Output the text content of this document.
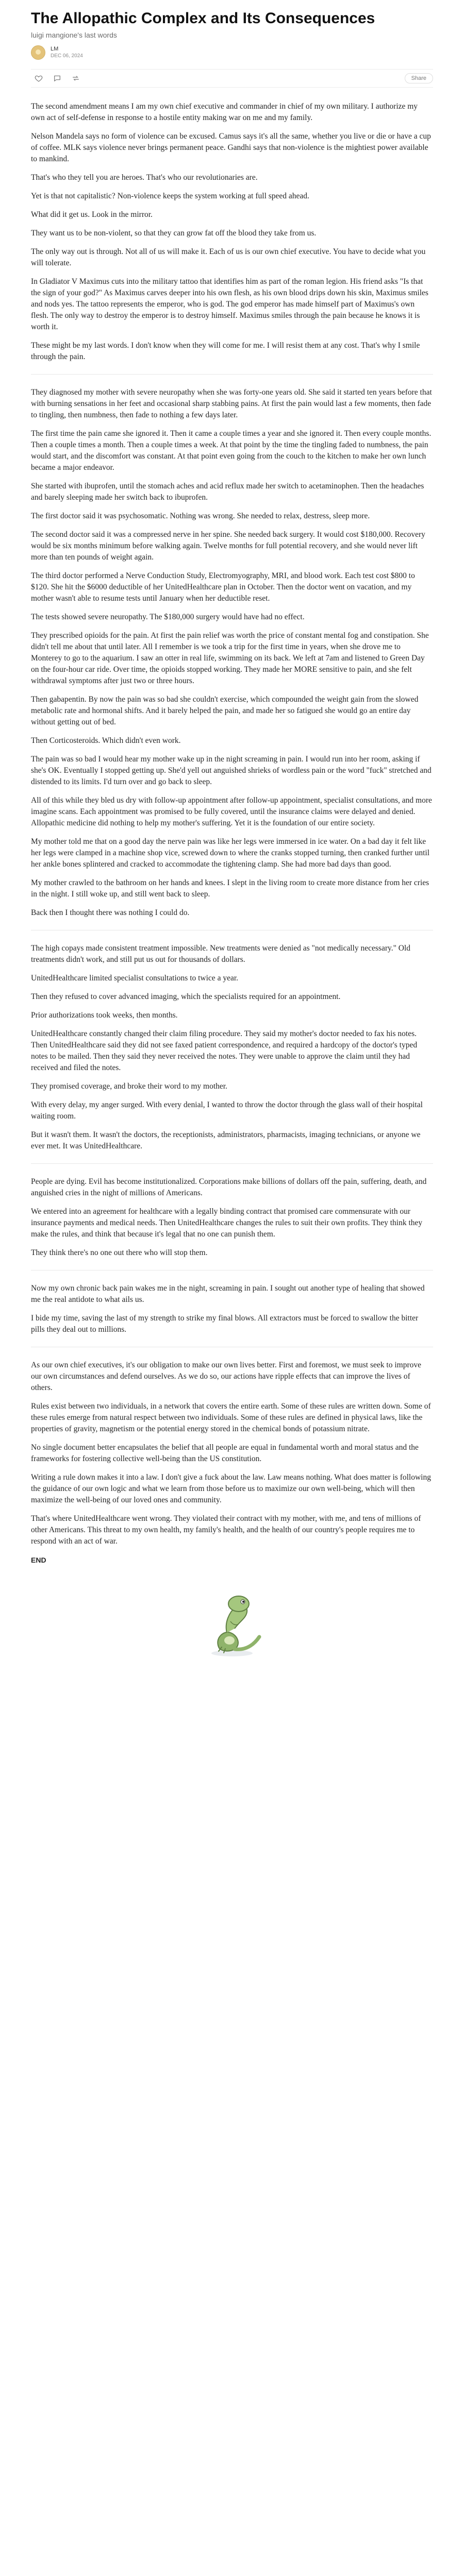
The Allopathic Complex and Its Consequences
luigi mangione's last words
LM
DEC 06, 2024
Share

The second amendment means I am my own chief executive and commander in chief of my own military. I authorize my own act of self-defense in response to a hostile entity making war on me and my family.

Nelson Mandela says no form of violence can be excused. Camus says it's all the same, whether you live or die or have a cup of coffee. MLK says violence never brings permanent peace. Gandhi says that non-violence is the mightiest power available to mankind.

That's who they tell you are heroes. That's who our revolutionaries are.

Yet is that not capitalistic? Non-violence keeps the system working at full speed ahead.

What did it get us. Look in the mirror.

They want us to be non-violent, so that they can grow fat off the blood they take from us.

The only way out is through. Not all of us will make it. Each of us is our own chief executive. You have to decide what you will tolerate.

In Gladiator V Maximus cuts into the military tattoo that identifies him as part of the roman legion. His friend asks "Is that the sign of your god?" As Maximus carves deeper into his own flesh, as his own blood drips down his skin, Maximus smiles and nods yes. The tattoo represents the emperor, who is god. The god emperor has made himself part of Maximus's own flesh. The only way to destroy the emperor is to destroy himself. Maximus smiles through the pain because he knows it is worth it.

These might be my last words. I don't know when they will come for me. I will resist them at any cost. That's why I smile through the pain.

They diagnosed my mother with severe neuropathy when she was forty-one years old. She said it started ten years before that with burning sensations in her feet and occasional sharp stabbing pains. At first the pain would last a few moments, then fade to tingling, then numbness, then fade to nothing a few days later.

The first time the pain came she ignored it. Then it came a couple times a year and she ignored it. Then every couple months. Then a couple times a month. Then a couple times a week. At that point by the time the tingling faded to numbness, the pain would start, and the discomfort was constant. At that point even going from the couch to the kitchen to make her own lunch became a major endeavor.

She started with ibuprofen, until the stomach aches and acid reflux made her switch to acetaminophen. Then the headaches and barely sleeping made her switch back to ibuprofen.

The first doctor said it was psychosomatic. Nothing was wrong. She needed to relax, destress, sleep more.

The second doctor said it was a compressed nerve in her spine. She needed back surgery. It would cost $180,000. Recovery would be six months minimum before walking again. Twelve months for full potential recovery, and she would never lift more than ten pounds of weight again.

The third doctor performed a Nerve Conduction Study, Electromyography, MRI, and blood work. Each test cost $800 to $120. She hit the $6000 deductible of her UnitedHealthcare plan in October. Then the doctor went on vacation, and my mother wasn't able to resume tests until January when her deductible reset.

The tests showed severe neuropathy. The $180,000 surgery would have had no effect.

They prescribed opioids for the pain. At first the pain relief was worth the price of constant mental fog and constipation. She didn't tell me about that until later. All I remember is we took a trip for the first time in years, when she drove me to Monterey to go to the aquarium. I saw an otter in real life, swimming on its back. We left at 7am and listened to Green Day on the four-hour car ride. Over time, the opioids stopped working. They made her MORE sensitive to pain, and she felt withdrawal symptoms after just two or three hours.

Then gabapentin. By now the pain was so bad she couldn't exercise, which compounded the weight gain from the slowed metabolic rate and hormonal shifts. And it barely helped the pain, and made her so fatigued she would go an entire day without getting out of bed.

Then Corticosteroids. Which didn't even work.

The pain was so bad I would hear my mother wake up in the night screaming in pain. I would run into her room, asking if she's OK. Eventually I stopped getting up. She'd yell out anguished shrieks of wordless pain or the word "fuck" stretched and distended to its limits. I'd turn over and go back to sleep.

All of this while they bled us dry with follow-up appointment after follow-up appointment, specialist consultations, and more imagine scans. Each appointment was promised to be fully covered, until the insurance claims were delayed and denied. Allopathic medicine did nothing to help my mother's suffering. Yet it is the foundation of our entire society.

My mother told me that on a good day the nerve pain was like her legs were immersed in ice water. On a bad day it felt like her legs were clamped in a machine shop vice, screwed down to where the cranks stopped turning, then cranked further until her ankle bones splintered and cracked to accommodate the tightening clamp. She had more bad days than good.

My mother crawled to the bathroom on her hands and knees. I slept in the living room to create more distance from her cries in the night. I still woke up, and still went back to sleep.

Back then I thought there was nothing I could do.

The high copays made consistent treatment impossible. New treatments were denied as "not medically necessary." Old treatments didn't work, and still put us out for thousands of dollars.

UnitedHealthcare limited specialist consultations to twice a year.

Then they refused to cover advanced imaging, which the specialists required for an appointment.

Prior authorizations took weeks, then months.

UnitedHealthcare constantly changed their claim filing procedure. They said my mother's doctor needed to fax his notes. Then UnitedHealthcare said they did not see faxed patient correspondence, and required a hardcopy of the doctor's typed notes to be mailed. Then they said they never received the notes. They were unable to approve the claim until they had received and filed the notes.

They promised coverage, and broke their word to my mother.

With every delay, my anger surged. With every denial, I wanted to throw the doctor through the glass wall of their hospital waiting room.

But it wasn't them. It wasn't the doctors, the receptionists, administrators, pharmacists, imaging technicians, or anyone we ever met. It was UnitedHealthcare.

People are dying. Evil has become institutionalized. Corporations make billions of dollars off the pain, suffering, death, and anguished cries in the night of millions of Americans.

We entered into an agreement for healthcare with a legally binding contract that promised care commensurate with our insurance payments and medical needs. Then UnitedHealthcare changes the rules to suit their own profits. They think they make the rules, and think that because it's legal that no one can punish them.

They think there's no one out there who will stop them.

Now my own chronic back pain wakes me in the night, screaming in pain. I sought out another type of healing that showed me the real antidote to what ails us.

I bide my time, saving the last of my strength to strike my final blows. All extractors must be forced to swallow the bitter pills they deal out to millions.

As our own chief executives, it's our obligation to make our own lives better. First and foremost, we must seek to improve our own circumstances and defend ourselves. As we do so, our actions have ripple effects that can improve the lives of others.

Rules exist between two individuals, in a network that covers the entire earth. Some of these rules are written down. Some of these rules emerge from natural respect between two individuals. Some of these rules are defined in physical laws, like the properties of gravity, magnetism or the potential energy stored in the chemical bonds of potassium nitrate.

No single document better encapsulates the belief that all people are equal in fundamental worth and moral status and the frameworks for fostering collective well-being than the US constitution.

Writing a rule down makes it into a law. I don't give a fuck about the law. Law means nothing. What does matter is following the guidance of our own logic and what we learn from those before us to maximize our own well-being, which will then maximize the well-being of our loved ones and community.

That's where UnitedHealthcare went wrong. They violated their contract with my mother, with me, and tens of millions of other Americans. This threat to my own health, my family's health, and the health of our country's people requires me to respond with an act of war.

END
